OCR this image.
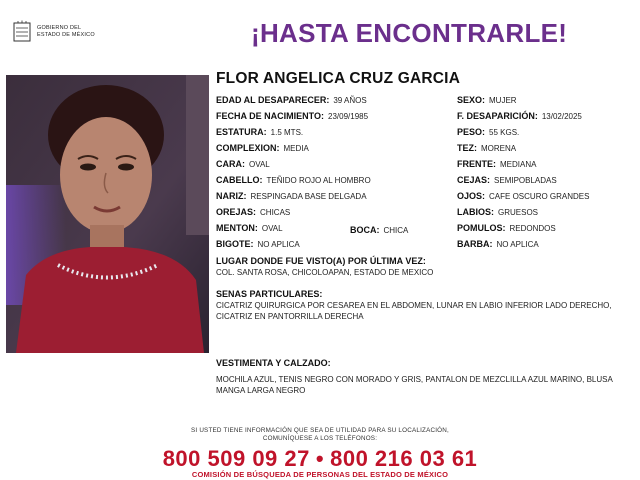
GOBIERNO DEL
ESTADO DE MÉXICO	¡HASTA ENCONTRARLE!
FLOR ANGELICA CRUZ GARCIA
EDAD AL DESAPARECER: 39 AÑOS
FECHA DE NACIMIENTO: 23/09/1985
ESTATURA: 1.5 MTS.
COMPLEXION: MEDIA
CARA: OVAL
CABELLO: TEÑIDO ROJO AL HOMBRO
NARIZ: RESPINGADA BASE DELGADA
OREJAS: CHICAS
MENTON: OVAL	BOCA: CHICA
BIGOTE: NO APLICA
SEXO: MUJER
F. DESAPARICIÓN: 13/02/2025
PESO: 55 KGS.
TEZ: MORENA
FRENTE: MEDIANA
CEJAS: SEMIPOBLADAS
OJOS: CAFE OSCURO GRANDES
LABIOS: GRUESOS
POMULOS: REDONDOS
BARBA: NO APLICA
LUGAR DONDE FUE VISTO(A) POR ÚLTIMA VEZ:
COL. SANTA ROSA, CHICOLOAPAN, ESTADO DE MEXICO
SENAS PARTICULARES:
CICATRIZ QUIRURGICA POR CESAREA EN EL ABDOMEN, LUNAR EN LABIO INFERIOR LADO DERECHO, CICATRIZ EN PANTORRILLA DERECHA
VESTIMENTA Y CALZADO:
MOCHILA AZUL, TENIS NEGRO CON MORADO Y GRIS, PANTALON DE MEZCLILLA AZUL MARINO, BLUSA MANGA LARGA NEGRO
SI USTED TIENE INFORMACIÓN QUE SEA DE UTILIDAD PARA SU LOCALIZACIÓN,
COMUNÍQUESE A LOS TELÉFONOS:
800 509 09 27 • 800 216 03 61
COMISIÓN DE BÚSQUEDA DE PERSONAS DEL ESTADO DE MÉXICO
